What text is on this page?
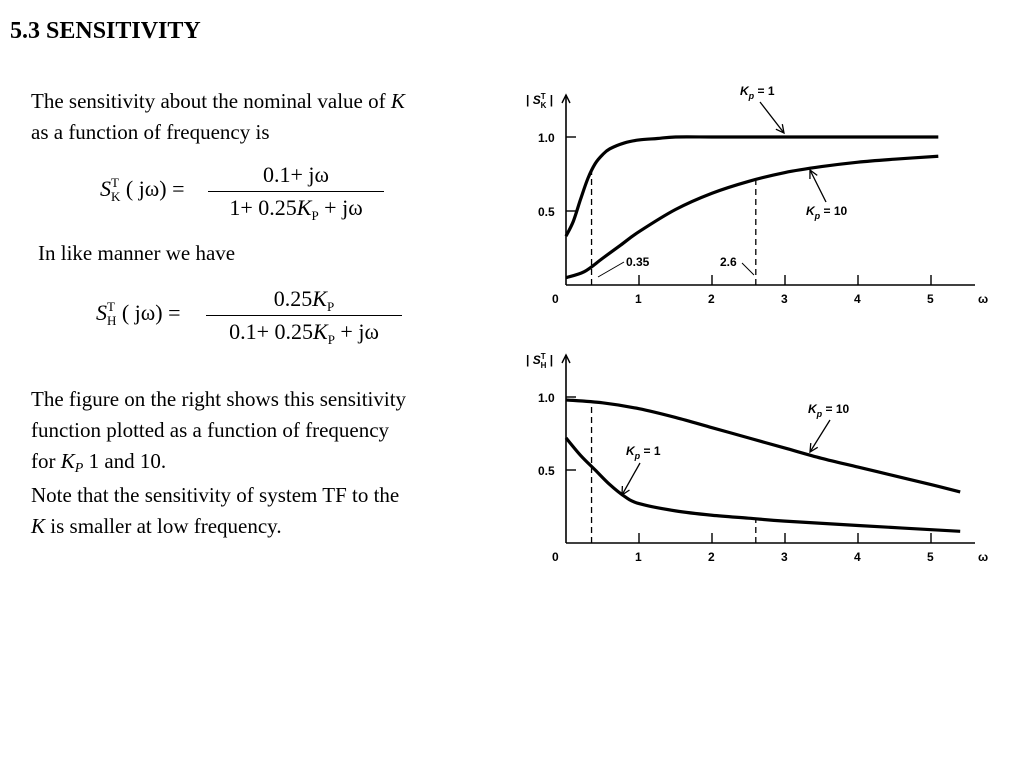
5.3 SENSITIVITY
The sensitivity about the nominal value of K
as a function of frequency is
$S^T_K$ ( jω) =
0.1+ jω
$1+ 0.25K_P + j\omega$
In like manner we have
$S^T_H$ ( jω) =
$0.25K_P$
$0.1+ 0.25K_P + j\omega$
The figure on the right shows this sensitivity
function plotted as a function of frequency
for KP 1 and 10.
Note that the sensitivity of system TF to the
K is smaller at low frequency.
| $S^T$ K |
0	1	2	3	4	5	ω
0.5
1.0
0.35	2.6
$K_p = 1$
$K_p = 10$
| $S^T$ H |
0	1	2	3	4	5	ω
0.5
1.0
$K_p = 10$
$K_p = 1$
